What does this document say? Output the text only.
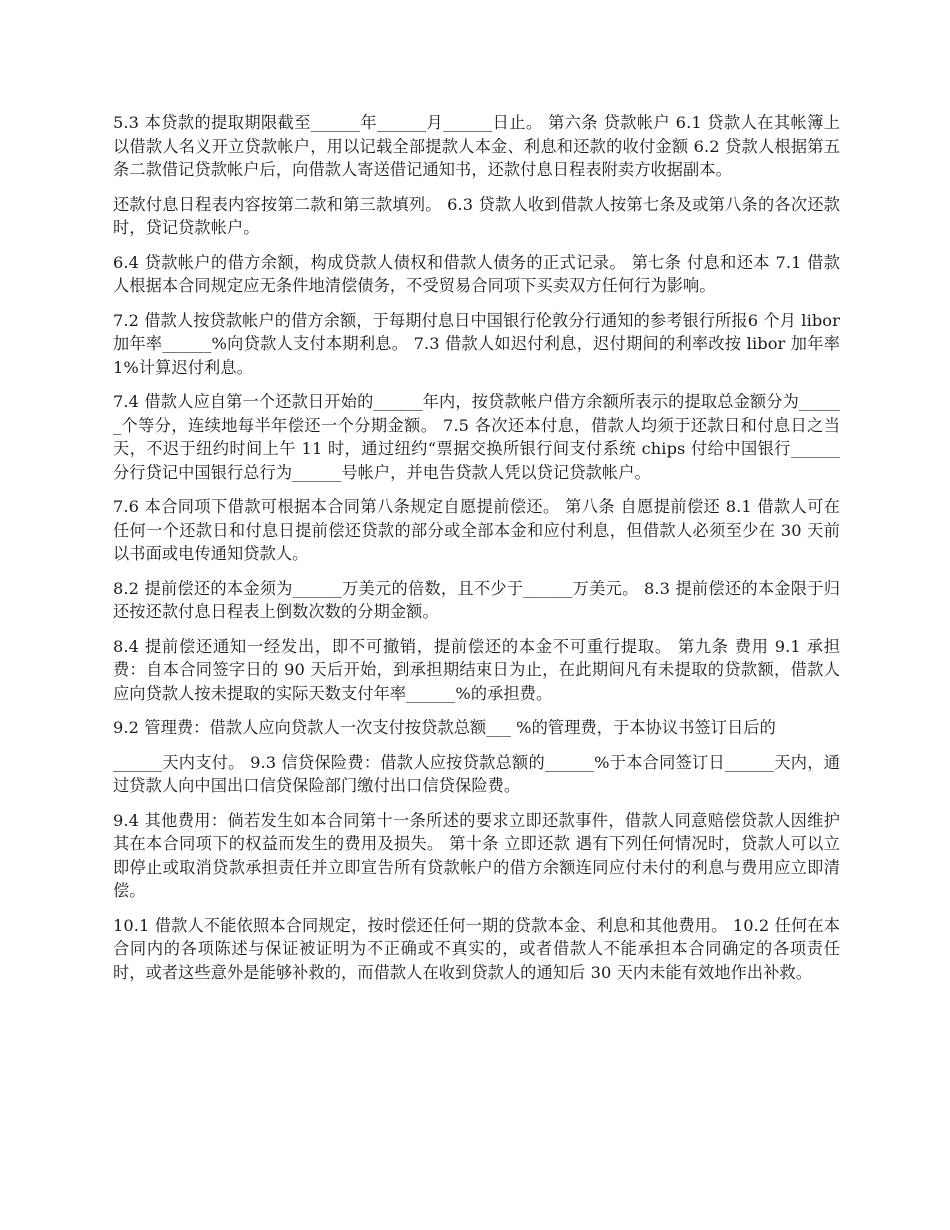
5.3 本贷款的提取期限截至______年______月______日止。 第六条 贷款帐户 6.1 贷款人在其帐簿上以借款人名义开立贷款帐户，用以记载全部提款人本金、利息和还款的收付金额 6.2 贷款人根据第五条二款借记贷款帐户后，向借款人寄送借记通知书，还款付息日程表附卖方收据副本。

还款付息日程表内容按第二款和第三款填列。 6.3 贷款人收到借款人按第七条及或第八条的各次还款时，贷记贷款帐户。

6.4 贷款帐户的借方余额，构成贷款人债权和借款人债务的正式记录。 第七条 付息和还本 7.1 借款人根据本合同规定应无条件地清偿债务，不受贸易合同项下买卖双方任何行为影响。

7.2 借款人按贷款帐户的借方余额，于每期付息日中国银行伦敦分行通知的参考银行所报6 个月 libor 加年率______%向贷款人支付本期利息。 7.3 借款人如迟付利息，迟付期间的利率改按 libor 加年率 1%计算迟付利息。

7.4 借款人应自第一个还款日开始的______年内，按贷款帐户借方余额所表示的提取总金额分为______个等分，连续地每半年偿还一个分期金额。 7.5 各次还本付息，借款人均须于还款日和付息日之当天，不迟于纽约时间上午 11 时，通过纽约“票据交换所银行间支付系统 chips 付给中国银行______分行贷记中国银行总行为______号帐户，并电告贷款人凭以贷记贷款帐户。

7.6 本合同项下借款可根据本合同第八条规定自愿提前偿还。 第八条 自愿提前偿还 8.1 借款人可在任何一个还款日和付息日提前偿还贷款的部分或全部本金和应付利息，但借款人必须至少在 30 天前以书面或电传通知贷款人。

8.2 提前偿还的本金须为______万美元的倍数，且不少于______万美元。 8.3 提前偿还的本金限于归还按还款付息日程表上倒数次数的分期金额。

8.4 提前偿还通知一经发出，即不可撤销，提前偿还的本金不可重行提取。 第九条 费用 9.1 承担费：自本合同签字日的 90 天后开始，到承担期结束日为止，在此期间凡有未提取的贷款额，借款人应向贷款人按未提取的实际天数支付年率______%的承担费。

9.2 管理费：借款人应向贷款人一次支付按贷款总额___ %的管理费，于本协议书签订日后的

______天内支付。 9.3 信贷保险费：借款人应按贷款总额的______%于本合同签订日______天内，通过贷款人向中国出口信贷保险部门缴付出口信贷保险费。

9.4 其他费用：倘若发生如本合同第十一条所述的要求立即还款事件，借款人同意赔偿贷款人因维护其在本合同项下的权益而发生的费用及损失。 第十条 立即还款 遇有下列任何情况时，贷款人可以立即停止或取消贷款承担责任并立即宣告所有贷款帐户的借方余额连同应付未付的利息与费用应立即清偿。

10.1 借款人不能依照本合同规定，按时偿还任何一期的贷款本金、利息和其他费用。 10.2 任何在本合同内的各项陈述与保证被证明为不正确或不真实的，或者借款人不能承担本合同确定的各项责任时，或者这些意外是能够补救的，而借款人在收到贷款人的通知后 30 天内未能有效地作出补救。
